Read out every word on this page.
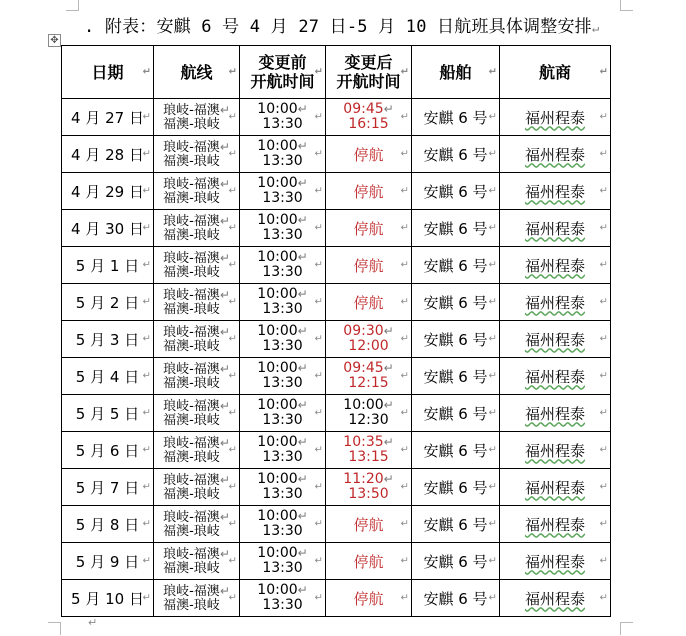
. 附表：安麒 6 号 4 月 27 日-5 月 10 日航班具体调整安排↵
✥
日期 ↵	航线 ↵	变更前
开航时间 ↵	变更后
开航时间 ↵	船舶 ↵	航商 ↵

4 月 27 日
↵	琅岐-福澳↵
福澳-琅岐 ↵	10:00↵
13:30 ↵	09:45↵
16:15 ↵	安麒 6 号 ↵	福州程泰 ↵

4 月 28 日
↵	琅岐-福澳↵
福澳-琅岐 ↵	10:00↵
13:30 ↵	停航 ↵	安麒 6 号 ↵	福州程泰 ↵

4 月 29 日
↵	琅岐-福澳↵
福澳-琅岐 ↵	10:00↵
13:30 ↵	停航 ↵	安麒 6 号 ↵	福州程泰 ↵

4 月 30 日
↵	琅岐-福澳↵
福澳-琅岐 ↵	10:00↵
13:30 ↵	停航 ↵	安麒 6 号 ↵	福州程泰 ↵

5 月 1 日 ↵	琅岐-福澳↵
福澳-琅岐 ↵	10:00↵
13:30 ↵	停航 ↵	安麒 6 号 ↵	福州程泰 ↵

5 月 2 日 ↵	琅岐-福澳↵
福澳-琅岐 ↵	10:00↵
13:30 ↵	停航 ↵	安麒 6 号 ↵	福州程泰 ↵

5 月 3 日 ↵	琅岐-福澳↵
福澳-琅岐 ↵	10:00↵
13:30 ↵	09:30↵
12:00 ↵	安麒 6 号 ↵	福州程泰 ↵

5 月 4 日 ↵	琅岐-福澳↵
福澳-琅岐 ↵	10:00↵
13:30 ↵	09:45↵
12:15 ↵	安麒 6 号 ↵	福州程泰 ↵

5 月 5 日 ↵	琅岐-福澳↵
福澳-琅岐 ↵	10:00↵
13:30 ↵	10:00↵
12:30 ↵	安麒 6 号 ↵	福州程泰 ↵

5 月 6 日 ↵	琅岐-福澳↵
福澳-琅岐 ↵	10:00↵
13:30 ↵	10:35↵
13:15 ↵	安麒 6 号 ↵	福州程泰 ↵

5 月 7 日 ↵	琅岐-福澳↵
福澳-琅岐 ↵	10:00↵
13:30 ↵	11:20↵
13:50 ↵	安麒 6 号 ↵	福州程泰 ↵

5 月 8 日 ↵	琅岐-福澳↵
福澳-琅岐 ↵	10:00↵
13:30 ↵	停航 ↵	安麒 6 号 ↵	福州程泰 ↵

5 月 9 日 ↵	琅岐-福澳↵
福澳-琅岐 ↵	10:00↵
13:30 ↵	停航 ↵	安麒 6 号 ↵	福州程泰 ↵

5 月 10 日
↵	琅岐-福澳↵
福澳-琅岐 ↵	10:00↵
13:30 ↵	停航 ↵	安麒 6 号 ↵	福州程泰 ↵
↵
